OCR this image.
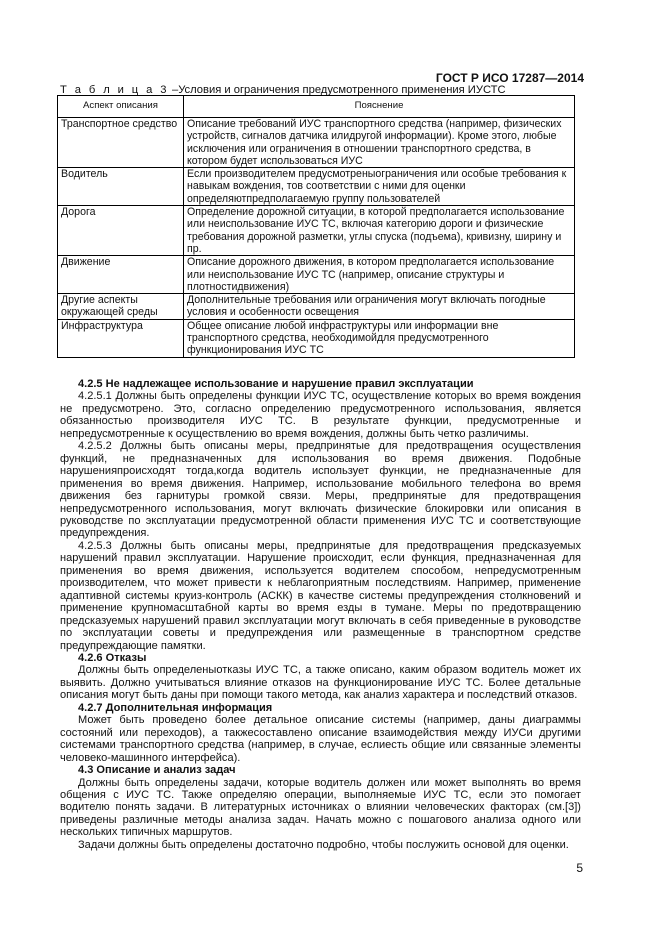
ГОСТ Р ИСО 17287—2014
Т а б л и ц а 3 –Условия и ограничения предусмотренного применения ИУСТС
Аспект описания	Пояснение
Транспортное средство	Описание требований ИУС транспортного средства (например, физических устройств, сигналов датчика илидругой информации). Кроме этого, любые исключения или ограничения в отношении транспортного средства, в котором будет использоваться ИУС
Водитель	Если производителем предусмотреныограничения или особые требования к навыкам вождения, тов соответствии с ними для оценки определяютпредполагаемую группу пользователей
Дорога	Определение дорожной ситуации, в которой предполагается использование или неиспользование ИУС ТС, включая категорию дороги и физические требования дорожной разметки, углы спуска (подъема), кривизну, ширину и пр.
Движение	Описание дорожного движения, в котором предполагается использование или неиспользование ИУС ТС (например, описание структуры и плотностидвижения)
Другие аспекты окружающей среды	Дополнительные требования или ограничения могут включать погодные условия и особенности освещения
Инфраструктура	Общее описание любой инфраструктуры или информации вне транспортного средства, необходимойдля предусмотренного функционирования ИУС ТС
4.2.5 Не надлежащее использование и нарушение правил эксплуатации

4.2.5.1 Должны быть определены функции ИУС ТС, осуществление которых во время вождения не предусмотрено. Это, согласно определению предусмотренного использования, является обязанностью производителя ИУС ТС. В результате функции, предусмотренные и непредусмотренные к осуществлению во время вождения, должны быть четко различимы.

4.2.5.2 Должны быть описаны меры, предпринятые для предотвращения осуществления функций, не предназначенных для использования во время движения. Подобные нарушенияпроисходят тогда,когда водитель использует функции, не предназначенные для применения во время движения. Например, использование мобильного телефона во время движения без гарнитуры громкой связи. Меры, предпринятые для предотвращения непредусмотренного использования, могут включать физические блокировки или описания в руководстве по эксплуатации предусмотренной области применения ИУС ТС и соответствующие предупреждения.

4.2.5.3 Должны быть описаны меры, предпринятые для предотвращения предсказуемых нарушений правил эксплуатации. Нарушение происходит, если функция, предназначенная для применения во время движения, используется водителем способом, непредусмотренным производителем, что может привести к неблагоприятным последствиям. Например, применение адаптивной системы круиз-контроль (АСКК) в качестве системы предупреждения столкновений и применение крупномасштабной карты во время езды в тумане. Меры по предотвращению предсказуемых нарушений правил эксплуатации могут включать в себя приведенные в руководстве по эксплуатации советы и предупреждения или размещенные в транспортном средстве предупреждающие памятки.

4.2.6 Отказы

Должны быть определеныотказы ИУС ТС, а также описано, каким образом водитель может их выявить. Должно учитываться влияние отказов на функционирование ИУС ТС. Более детальные описания могут быть даны при помощи такого метода, как анализ характера и последствий отказов.

4.2.7 Дополнительная информация

Может быть проведено более детальное описание системы (например, даны диаграммы состояний или переходов), а такжесоставлено описание взаимодействия между ИУСи другими системами транспортного средства (например, в случае, еслиесть общие или связанные элементы человеко-машинного интерфейса).

4.3 Описание и анализ задач

Должны быть определены задачи, которые водитель должен или может выполнять во время общения с ИУС ТС. Также определяю операции, выполняемые ИУС ТС, если это помогает водителю понять задачи. В литературных источниках о влиянии человеческих факторах (см.[3]) приведены различные методы анализа задач. Начать можно с пошагового анализа одного или нескольких типичных маршрутов.

Задачи должны быть определены достаточно подробно, чтобы послужить основой для оценки.

5
